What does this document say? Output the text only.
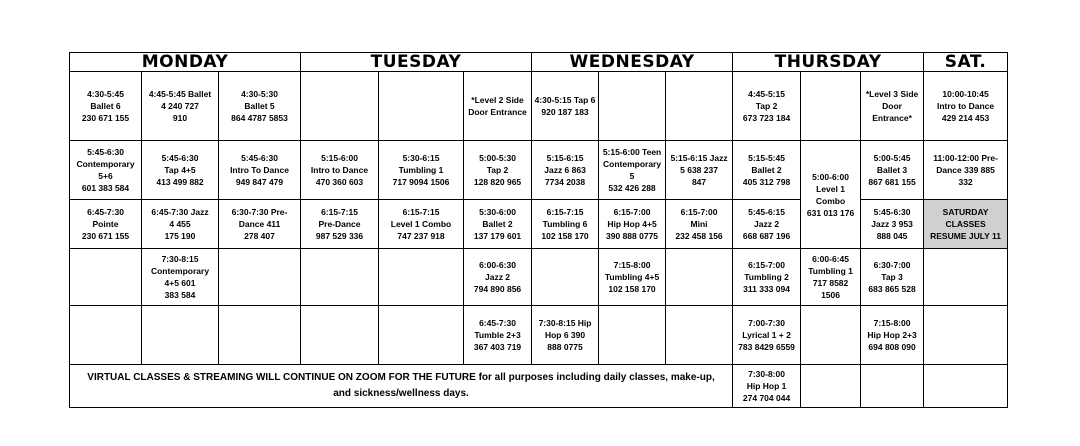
MONDAY			TUESDAY			WEDNESDAY			THURSDAY			SAT.

4:30-5:45
Ballet 6
230 671 155	4:45-5:45 Ballet
4 240 727
910	4:30-5:30
Ballet 5
864 4787 5853			*Level 2 Side
Door Entrance	4:30-5:15 Tap 6
920 187 183			4:45-5:15
Tap 2
673 723 184		*Level 3 Side
Door
Entrance*	10:00-10:45
Intro to Dance
429 214 453

5:45-6:30
Contemporary
5+6
601 383 584	5:45-6:30
Tap 4+5
413 499 882	5:45-6:30
Intro To Dance
949 847 479	5:15-6:00
Intro to Dance
470 360 603	5:30-6:15
Tumbling 1
717 9094 1506	5:00-5:30
Tap 2
128 820 965	5:15-6:15
Jazz 6 863
7734 2038	5:15-6:00 Teen
Contemporary 5
532 426 288	5:15-6:15 Jazz
5 638 237
847	5:15-5:45
Ballet 2
405 312 798	5:00-6:00
Level 1 Combo
631 013 176	5:00-5:45
Ballet 3
867 681 155	11:00-12:00 Pre-
Dance 339 885
332

6:45-7:30
Pointe
230 671 155	6:45-7:30 Jazz
4 455
175 190	6:30-7:30 Pre-
Dance 411
278 407	6:15-7:15
Pre-Dance
987 529 336	6:15-7:15
Level 1 Combo
747 237 918	5:30-6:00
Ballet 2
137 179 601	6:15-7:15
Tumbling 6
102 158 170	6:15-7:00
Hip Hop 4+5
390 888 0775	6:15-7:00
Mini
232 458 156	5:45-6:15
Jazz 2
668 687 196		5:45-6:30
Jazz 3 953
888 045	SATURDAY
CLASSES
RESUME JULY 11

	7:30-8:15
Contemporary
4+5 601
383 584				6:00-6:30
Jazz 2
794 890 856		7:15-8:00
Tumbling 4+5
102 158 170		6:15-7:00
Tumbling 2
311 333 094	6:00-6:45
Tumbling 1
717 8582 1506	6:30-7:00
Tap 3
683 865 528	

					6:45-7:30
Tumble 2+3
367 403 719	7:30-8:15 Hip
Hop 6 390
888 0775			7:00-7:30
Lyrical 1 + 2
783 8429 6559		7:15-8:00
Hip Hop 2+3
694 808 090	

VIRTUAL CLASSES & STREAMING WILL CONTINUE ON ZOOM FOR THE FUTURE for all purposes including daily classes, make-up, and sickness/wellness days.									7:30-8:00
Hip Hop 1
274 704 044			
